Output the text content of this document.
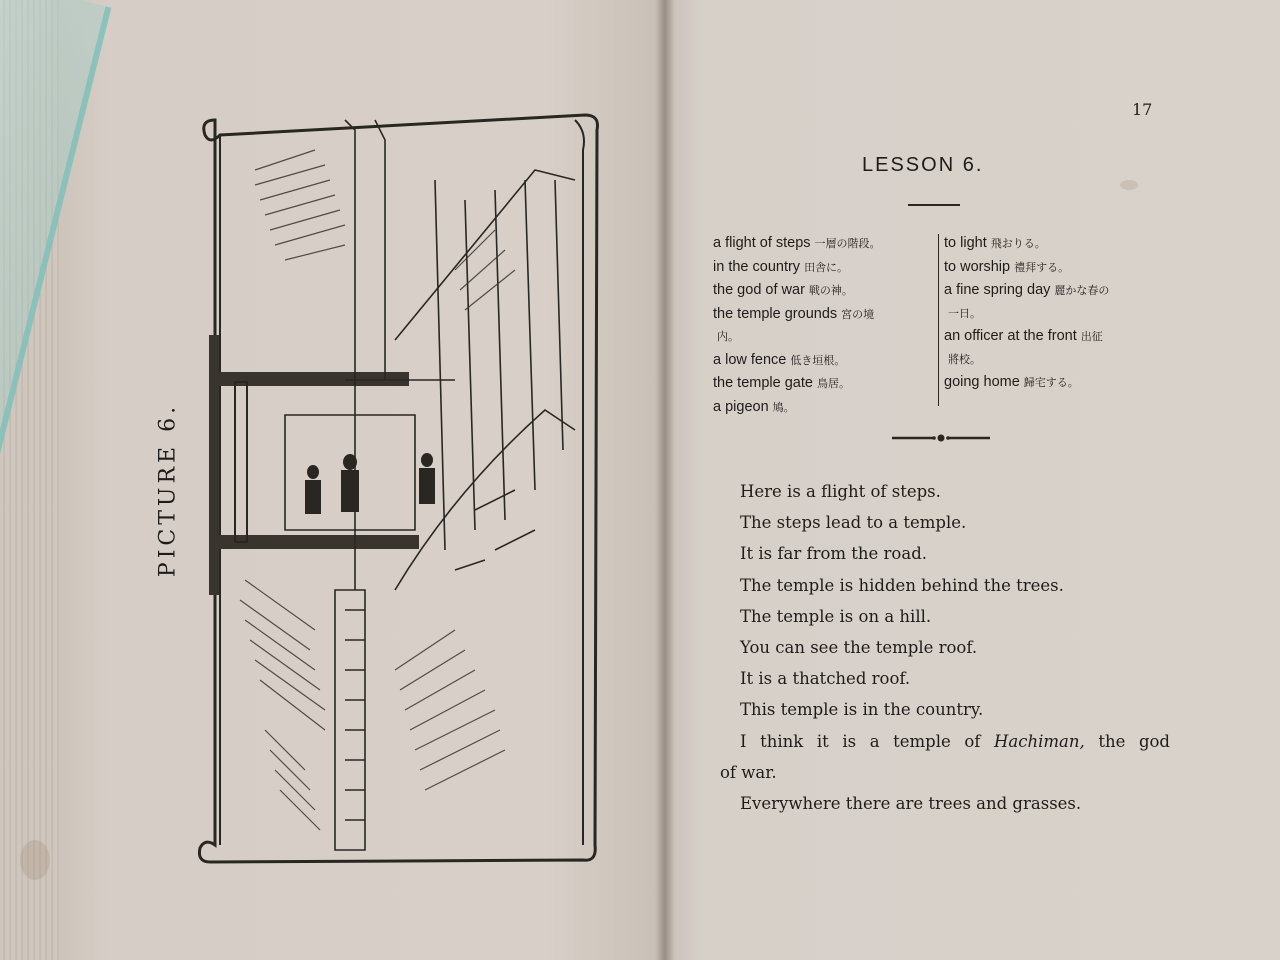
PICTURE 6.
17
LESSON 6.
a flight of steps 一層の階段。
in the country 田舎に。
the god of war 戦の神。
the temple grounds 宮の境
内。
a low fence 低き垣根。
the temple gate 鳥居。
a pigeon 鳩。
to light 飛おりる。
to worship 禮拜する。
a fine spring day 麗かな春の
一日。
an officer at the front 出征
將校。
going home 歸宅する。

Here is a flight of steps.

The steps lead to a temple.

It is far from the road.

The temple is hidden behind the trees.

The temple is on a hill.

You can see the temple roof.

It is a thatched roof.

This temple is in the country.

I think it is a temple of Hachiman, the god

of war.

Everywhere there are trees and grasses.
